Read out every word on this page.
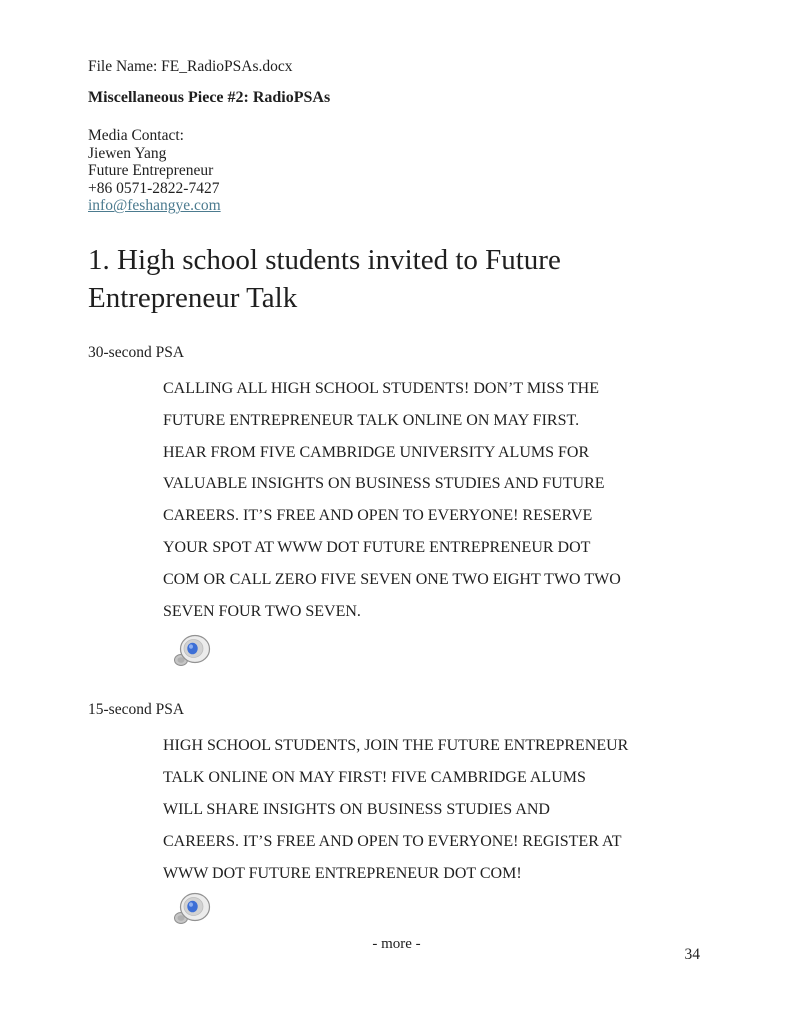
File Name: FE_RadioPSAs.docx
Miscellaneous Piece #2: RadioPSAs
Media Contact:
Jiewen Yang
Future Entrepreneur
+86 0571-2822-7427
info@feshangye.com
1. High school students invited to Future Entrepreneur Talk
30-second PSA
CALLING ALL HIGH SCHOOL STUDENTS! DON’T MISS THE
FUTURE ENTREPRENEUR TALK ONLINE ON MAY FIRST.
HEAR FROM FIVE CAMBRIDGE UNIVERSITY ALUMS FOR
VALUABLE INSIGHTS ON BUSINESS STUDIES AND FUTURE
CAREERS. IT’S FREE AND OPEN TO EVERYONE! RESERVE
YOUR SPOT AT WWW DOT FUTURE ENTREPRENEUR DOT
COM OR CALL ZERO FIVE SEVEN ONE TWO EIGHT TWO TWO
SEVEN FOUR TWO SEVEN.
15-second PSA
HIGH SCHOOL STUDENTS, JOIN THE FUTURE ENTREPRENEUR
TALK ONLINE ON MAY FIRST! FIVE CAMBRIDGE ALUMS
WILL SHARE INSIGHTS ON BUSINESS STUDIES AND
CAREERS. IT’S FREE AND OPEN TO EVERYONE! REGISTER AT
WWW DOT FUTURE ENTREPRENEUR DOT COM!
- more -
34
